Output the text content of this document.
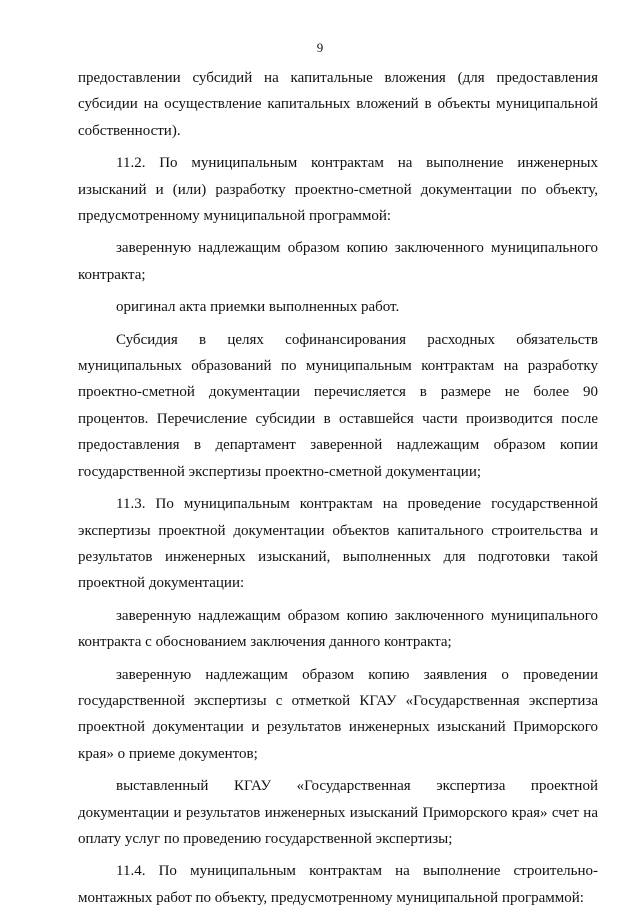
9

предоставлении субсидий на капитальные вложения (для предоставления субсидии на осуществление капитальных вложений в объекты муниципальной собственности).

11.2. По муниципальным контрактам на выполнение инженерных изысканий и (или) разработку проектно-сметной документации по объекту, предусмотренному муниципальной программой:

заверенную надлежащим образом копию заключенного муниципального контракта;

оригинал акта приемки выполненных работ.

Субсидия в целях софинансирования расходных обязательств муниципальных образований по муниципальным контрактам на разработку проектно-сметной документации перечисляется в размере не более 90 процентов. Перечисление субсидии в оставшейся части производится после предоставления в департамент заверенной надлежащим образом копии государственной экспертизы проектно-сметной документации;

11.3. По муниципальным контрактам на проведение государственной экспертизы проектной документации объектов капитального строительства и результатов инженерных изысканий, выполненных для подготовки такой проектной документации:

заверенную надлежащим образом копию заключенного муниципального контракта с обоснованием заключения данного контракта;

заверенную надлежащим образом копию заявления о проведении государственной экспертизы с отметкой КГАУ «Государственная экспертиза проектной документации и результатов инженерных изысканий Приморского края» о приеме документов;

выставленный КГАУ «Государственная экспертиза проектной документации и результатов инженерных изысканий Приморского края» счет на оплату услуг по проведению государственной экспертизы;

11.4. По муниципальным контрактам на выполнение строительно-монтажных работ по объекту, предусмотренному муниципальной программой:
